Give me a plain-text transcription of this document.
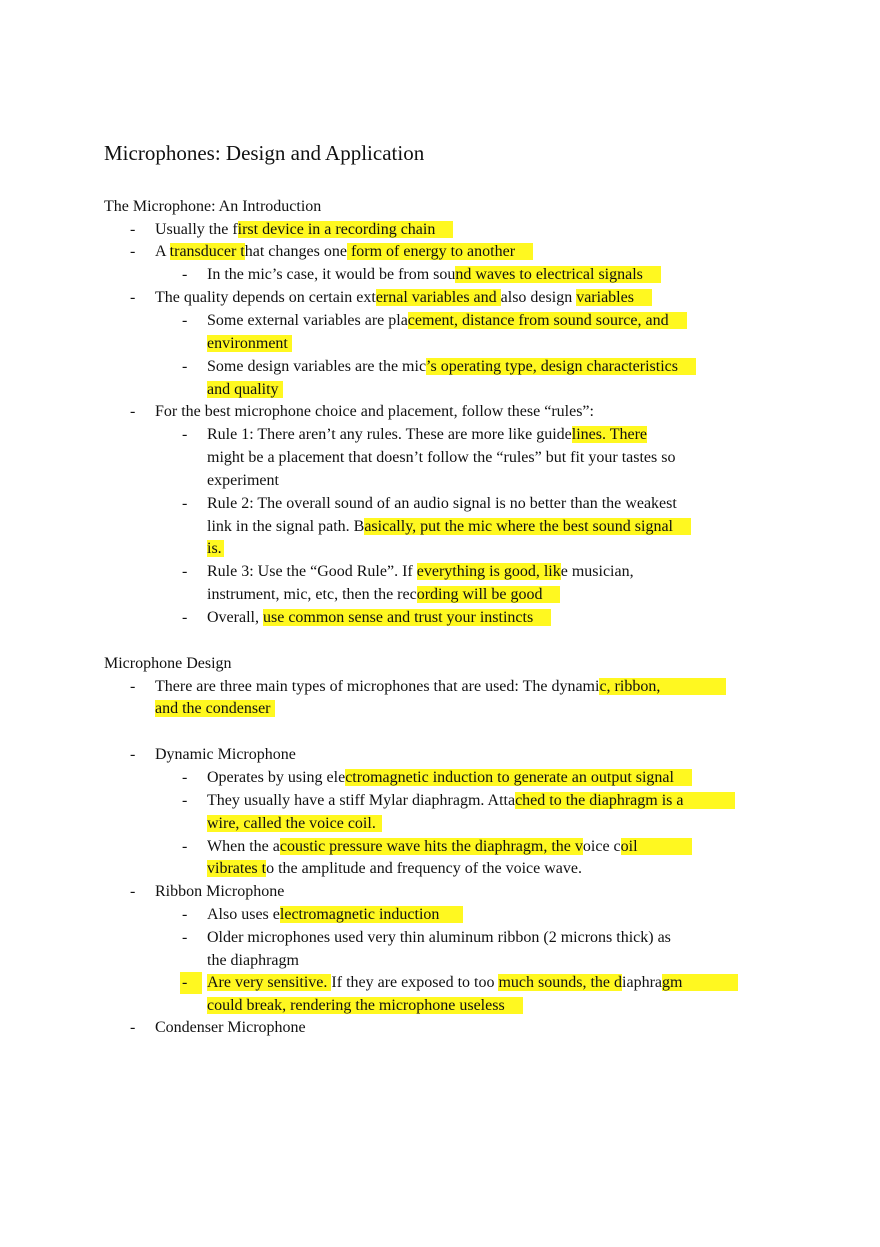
Microphones: Design and Application
The Microphone: An Introduction
- Usually the first device in a recording chain
- A transducer that changes one form of energy to another
- In the mic’s case, it would be from sound waves to electrical signals
- The quality depends on certain external variables and also design variables
- Some external variables are placement, distance from sound source, and
environment
- Some design variables are the mic’s operating type, design characteristics
and quality
- For the best microphone choice and placement, follow these “rules”:
- Rule 1: There aren’t any rules. These are more like guidelines. There
might be a placement that doesn’t follow the “rules” but fit your tastes so
experiment
- Rule 2: The overall sound of an audio signal is no better than the weakest
link in the signal path. Basically, put the mic where the best sound signal
is.
- Rule 3: Use the “Good Rule”. If everything is good, like musician,
instrument, mic, etc, then the recording will be good
- Overall, use common sense and trust your instincts
Microphone Design
- There are three main types of microphones that are used: The dynamic, ribbon,
and the condenser
- Dynamic Microphone
- Operates by using electromagnetic induction to generate an output signal
- They usually have a stiff Mylar diaphragm. Attached to the diaphragm is a
wire, called the voice coil.
- When the acoustic pressure wave hits the diaphragm, the voice coil
vibrates to the amplitude and frequency of the voice wave.
- Ribbon Microphone
- Also uses electromagnetic induction
- Older microphones used very thin aluminum ribbon (2 microns thick) as
the diaphragm
- Are very sensitive. If they are exposed to too much sounds, the diaphragm
could break, rendering the microphone useless
- Condenser Microphone
